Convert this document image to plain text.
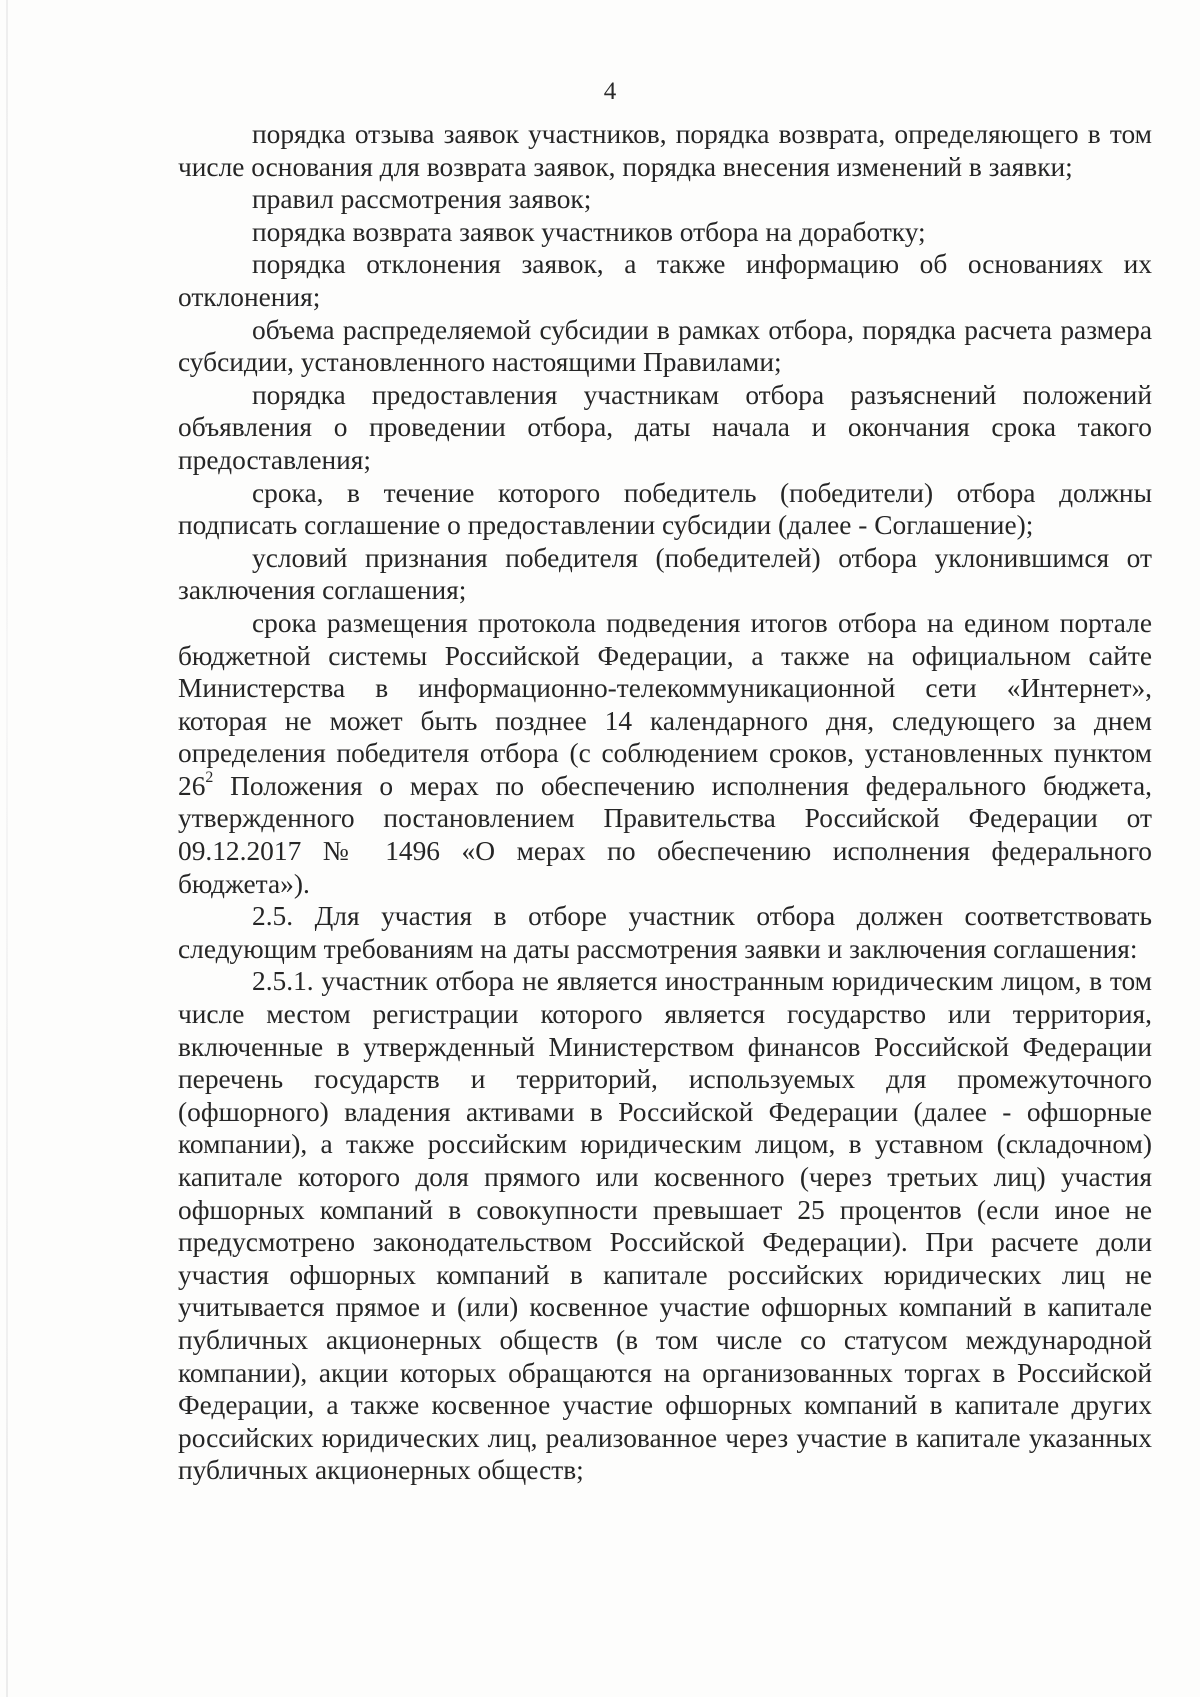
4

порядка отзыва заявок участников, порядка возврата, определяющего в том числе основания для возврата заявок, порядка внесения изменений в заявки;

правил рассмотрения заявок;

порядка возврата заявок участников отбора на доработку;

порядка отклонения заявок, а также информацию об основаниях их отклонения;

объема распределяемой субсидии в рамках отбора, порядка расчета размера субсидии, установленного настоящими Правилами;

порядка предоставления участникам отбора разъяснений положений объявления о проведении отбора, даты начала и окончания срока такого предоставления;

срока, в течение которого победитель (победители) отбора должны подписать соглашение о предоставлении субсидии (далее - Соглашение);

условий признания победителя (победителей) отбора уклонившимся от заключения соглашения;

срока размещения протокола подведения итогов отбора на едином портале бюджетной системы Российской Федерации, а также на официальном сайте Министерства в информационно-телекоммуникационной сети «Интернет», которая не может быть позднее 14 календарного дня, следующего за днем определения победителя отбора (с соблюдением сроков, установленных пунктом $26^2$ Положения о мерах по обеспечению исполнения федерального бюджета, утвержденного постановлением Правительства Российской Федерации от 09.12.2017 № 1496 «О мерах по обеспечению исполнения федерального бюджета»).

2.5. Для участия в отборе участник отбора должен соответствовать следующим требованиям на даты рассмотрения заявки и заключения соглашения:

2.5.1. участник отбора не является иностранным юридическим лицом, в том числе местом регистрации которого является государство или территория, включенные в утвержденный Министерством финансов Российской Федерации перечень государств и территорий, используемых для промежуточного (офшорного) владения активами в Российской Федерации (далее - офшорные компании), а также российским юридическим лицом, в уставном (складочном) капитале которого доля прямого или косвенного (через третьих лиц) участия офшорных компаний в совокупности превышает 25 процентов (если иное не предусмотрено законодательством Российской Федерации). При расчете доли участия офшорных компаний в капитале российских юридических лиц не учитывается прямое и (или) косвенное участие офшорных компаний в капитале публичных акционерных обществ (в том числе со статусом международной компании), акции которых обращаются на организованных торгах в Российской Федерации, а также косвенное участие офшорных компаний в капитале других российских юридических лиц, реализованное через участие в капитале указанных публичных акционерных обществ;
